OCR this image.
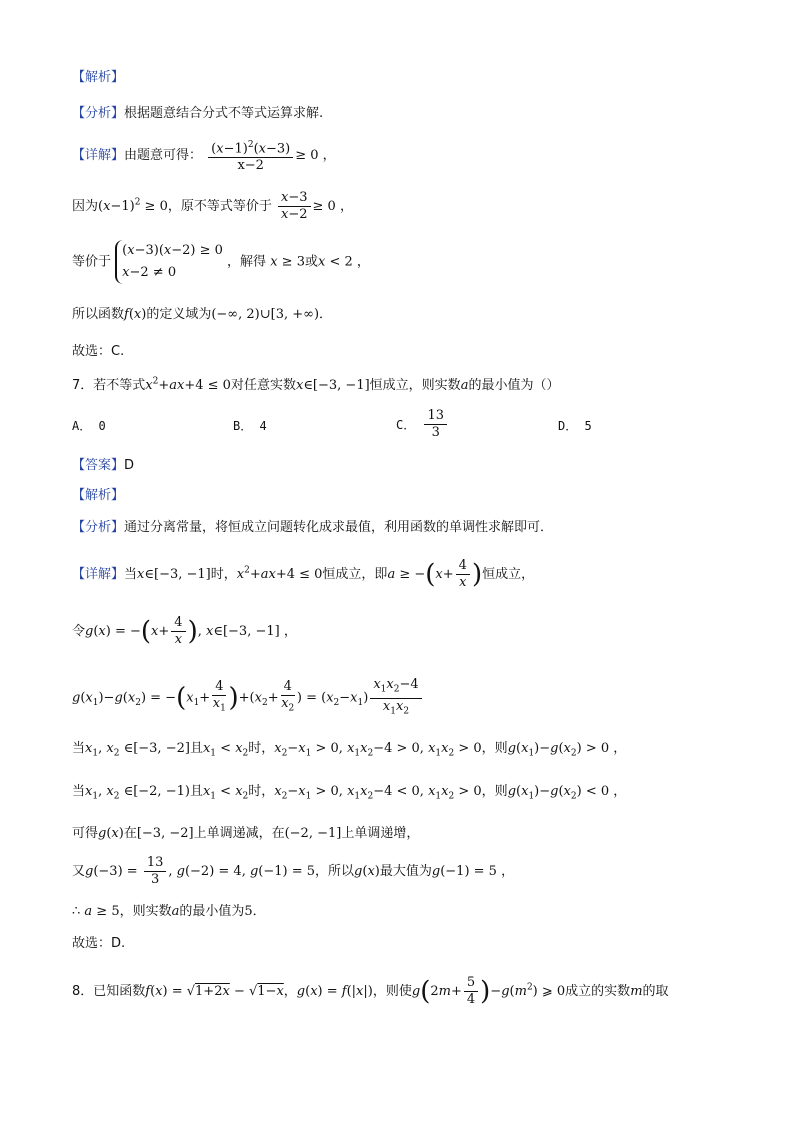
【解析】
【分析】根据题意结合分式不等式运算求解.
【详解】由题意可得： $\frac{(x-1)^2(x-3)}{x-2} \ge 0$ ，
因为$(x-1)^2 \ge 0$，原不等式等价于 $\frac{x-3}{x-2} \ge 0$ ，
等价于
(x−3)(x−2) ≥ 0
x−2 ≠ 0
，解得 x ≥ 3或x < 2 ，
所以函数f(x)的定义域为(−∞, 2)∪[3, +∞)．
故选：C.
7．若不等式$x^2+ax+4 \le 0$对任意实数x∈[−3, −1]恒成立，则实数a的最小值为（）
A． 0	B． 4	C． $\frac{13}{3}$	D． 5
【答案】D
【解析】
【分析】通过分离常量，将恒成立问题转化成求最值，利用函数的单调性求解即可．
【详解】当x∈[−3, −1]时，$x^2+ax+4 \le 0$恒成立，即$a \ge -(x+ \frac{4}{x}$ )恒成立，
令$g(x) = -(x+ \frac{4}{x}$ ), x∈[−3, −1] ，
$g(x_1)-g(x_2) = -(x_1+ \frac{4}{x_1} )+(x_2+ \frac{4}{x_2}$ ) = $(x_2-x_1) \frac{x_1x_2-4}{x_1x_2}$
当$x_1$, $x_2$ ∈[−3, −2]且$x_1 < x_2$时，$x_2-x_1 > 0$, $x_1x_2-4 > 0$, $x_1x_2 > 0$，则$g(x_1)-g(x_2) > 0$ ，
当$x_1$, $x_2$ ∈[−2, −1)且$x_1 < x_2$时，$x_2-x_1 > 0$, $x_1x_2-4 < 0$, $x_1x_2 > 0$，则$g(x_1)-g(x_2) < 0$ ，
可得g(x)在[−3, −2]上单调递减，在(−2, −1]上单调递增，
又$g(-3) = \frac{13}{3}$ , g(−2) = 4, g(−1) = 5，所以g(x)最大值为g(−1) = 5 ，
∴ a ≥ 5，则实数a的最小值为5．
故选：D.
8．已知函数f(x) = √1+2x − √1−x，g(x) = f(|x|)，则使$g(2m+ \frac{5}{4} )-g(m^2)$ ⩾ 0成立的实数m的取
